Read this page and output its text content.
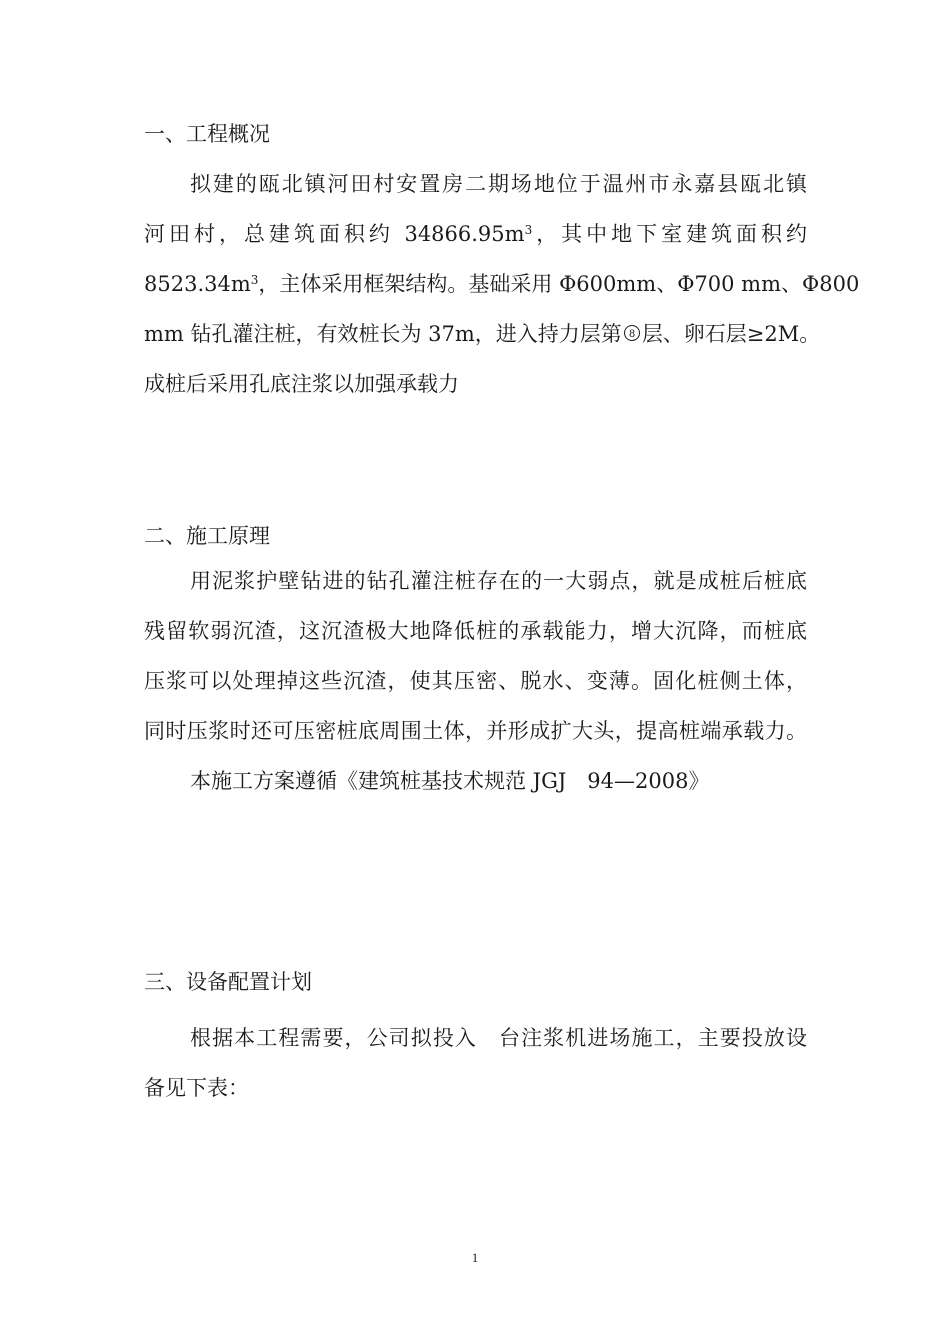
一、工程概况
拟建的瓯北镇河田村安置房二期场地位于温州市永嘉县瓯北镇
河田村，总建筑面积约 $34866.95m^3$，其中地下室建筑面积约
$8523.34m^3$，主体采用框架结构。基础采用 Φ600mm、Φ700 mm、Φ800
mm 钻孔灌注桩，有效桩长为 37m，进入持力层第 8 层、卵石层≥2M。
成桩后采用孔底注浆以加强承载力
二、施工原理
用泥浆护壁钻进的钻孔灌注桩存在的一大弱点，就是成桩后桩底
残留软弱沉渣，这沉渣极大地降低桩的承载能力，增大沉降，而桩底
压浆可以处理掉这些沉渣，使其压密、脱水、变薄。固化桩侧土体，
同时压浆时还可压密桩底周围土体，并形成扩大头，提高桩端承载力。
本施工方案遵循《建筑桩基技术规范 JGJ　94—2008》
三、设备配置计划
根据本工程需要，公司拟投入　台注浆机进场施工，主要投放设
备见下表：
1
